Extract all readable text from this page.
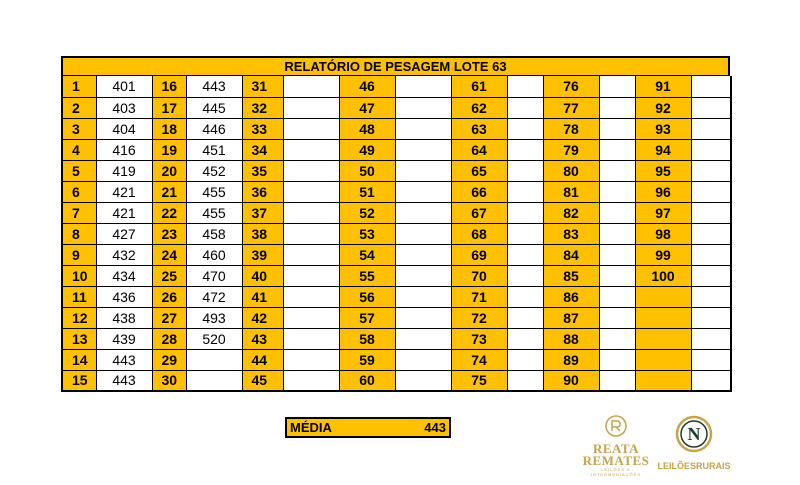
RELATÓRIO DE PESAGEM LOTE 63
1	401	16	443	31		46		61		76		91	
2	403	17	445	32		47		62		77		92	
3	404	18	446	33		48		63		78		93	
4	416	19	451	34		49		64		79		94	
5	419	20	452	35		50		65		80		95	
6	421	21	455	36		51		66		81		96	
7	421	22	455	37		52		67		82		97	
8	427	23	458	38		53		68		83		98	
9	432	24	460	39		54		69		84		99	
10	434	25	470	40		55		70		85		100	
11	436	26	472	41		56		71		86			
12	438	27	493	42		57		72		87			
13	439	28	520	43		58		73		88			
14	443	29		44		59		74		89			
15	443	30		45		60		75		90			
MÉDIA	443
REATA
REMATES
LEILÕES E INTERMEDIAÇÕES
N
LEILÕESRURAIS
